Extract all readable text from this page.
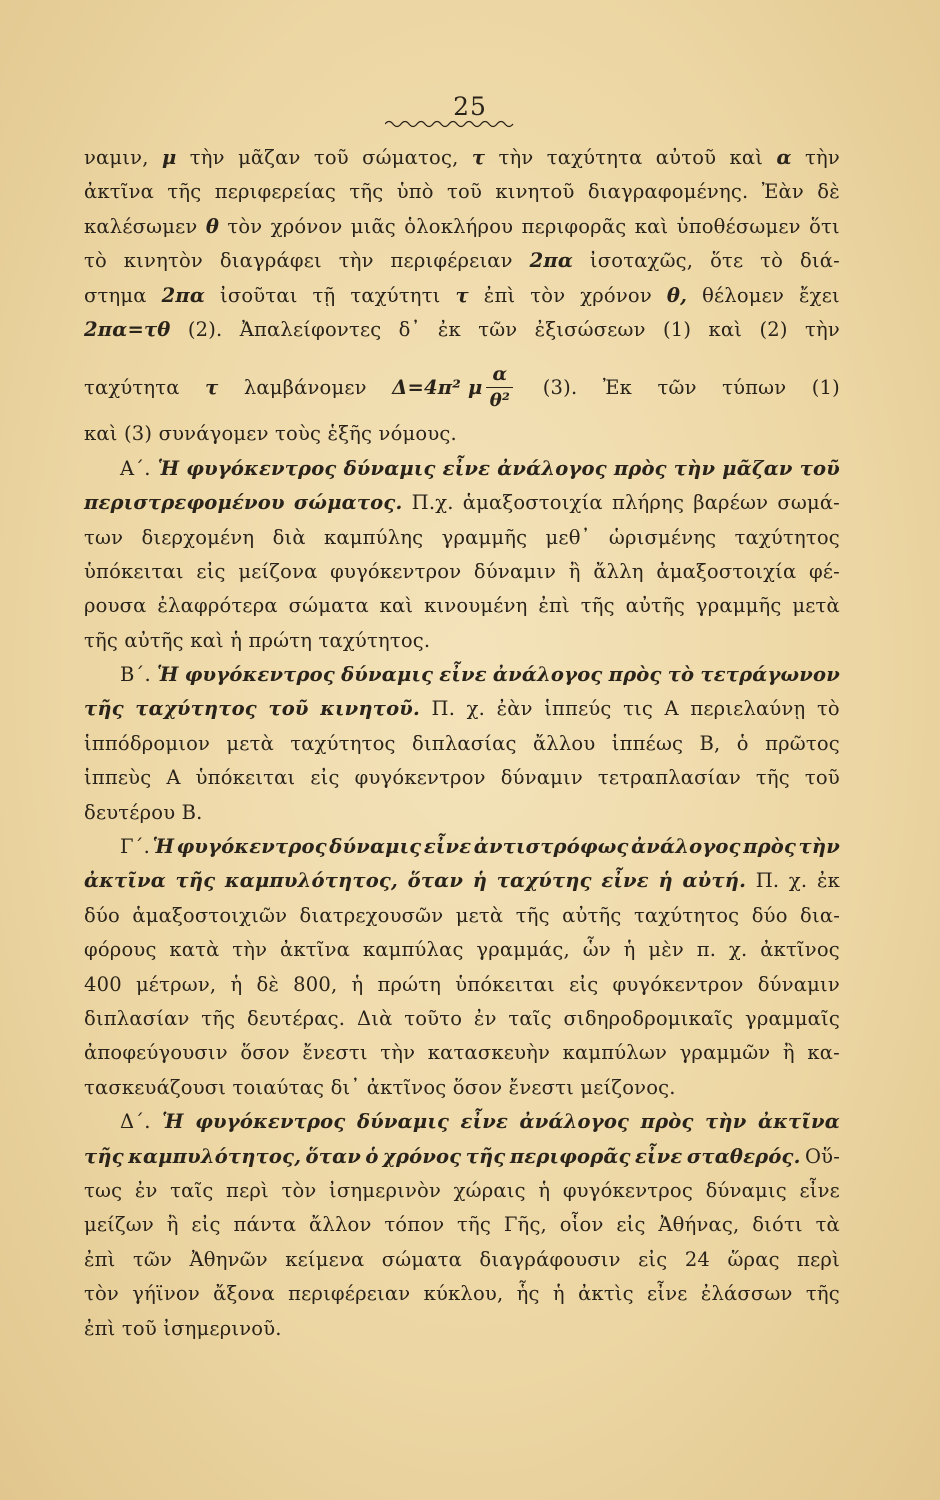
25
ναμιν, μ τὴν μᾶζαν τοῦ σώματος, τ τὴν ταχύτητα αὐτοῦ καὶ α τὴν
ἀκτῖνα τῆς περιφερείας τῆς ὑπὸ τοῦ κινητοῦ διαγραφομένης. Ἐὰν δὲ
καλέσωμεν θ τὸν χρόνον μιᾶς ὁλοκλήρου περιφορᾶς καὶ ὑποθέσωμεν ὅτι
τὸ κινητὸν διαγράφει τὴν περιφέρειαν 2πα ἰσοταχῶς, ὅτε τὸ διά-
στημα 2πα ἰσοῦται τῇ ταχύτητι τ ἐπὶ τὸν χρόνον θ, θέλομεν ἔχει
2πα=τθ (2). Ἀπαλείφοντες δ᾽ ἐκ τῶν ἐξισώσεων (1) καὶ (2) τὴν
ταχύτητα τ λαμβάνομεν Δ=4π² μ $\frac{\alpha}{\text{θ²}} (3)$. Ἐκ τῶν τύπων (1)
καὶ (3) συνάγομεν τοὺς ἑξῆς νόμους.
Α΄. Ἡ φυγόκεντρος δύναμις εἶνε ἀνάλογος πρὸς τὴν μᾶζαν τοῦ
περιστρεφομένου σώματος. Π.χ. ἁμαξοστοιχία πλήρης βαρέων σωμά-
των διερχομένη διὰ καμπύλης γραμμῆς μεθ᾽ ὡρισμένης ταχύτητος
ὑπόκειται εἰς μείζονα φυγόκεντρον δύναμιν ἢ ἄλλη ἁμαξοστοιχία φέ-
ρουσα ἐλαφρότερα σώματα καὶ κινουμένη ἐπὶ τῆς αὐτῆς γραμμῆς μετὰ
τῆς αὐτῆς καὶ ἡ πρώτη ταχύτητος.
Β΄. Ἡ φυγόκεντρος δύναμις εἶνε ἀνάλογος πρὸς τὸ τετράγωνον
τῆς ταχύτητος τοῦ κινητοῦ. Π. χ. ἐὰν ἱππεύς τις Α περιελαύνῃ τὸ
ἱππόδρομιον μετὰ ταχύτητος διπλασίας ἄλλου ἱππέως Β, ὁ πρῶτος
ἱππεὺς Α ὑπόκειται εἰς φυγόκεντρον δύναμιν τετραπλασίαν τῆς τοῦ
δευτέρου Β.
Γ΄. Ἡ φυγόκεντρος δύναμις εἶνε ἀντιστρόφως ἀνάλογος πρὸς τὴν
ἀκτῖνα τῆς καμπυλότητος, ὅταν ἡ ταχύτης εἶνε ἡ αὐτή. Π. χ. ἐκ
δύο ἁμαξοστοιχιῶν διατρεχουσῶν μετὰ τῆς αὐτῆς ταχύτητος δύο δια-
φόρους κατὰ τὴν ἀκτῖνα καμπύλας γραμμάς, ὧν ἡ μὲν π. χ. ἀκτῖνος
400 μέτρων, ἡ δὲ 800, ἡ πρώτη ὑπόκειται εἰς φυγόκεντρον δύναμιν
διπλασίαν τῆς δευτέρας. Διὰ τοῦτο ἐν ταῖς σιδηροδρομικαῖς γραμμαῖς
ἀποφεύγουσιν ὅσον ἔνεστι τὴν κατασκευὴν καμπύλων γραμμῶν ἢ κα-
τασκευάζουσι τοιαύτας δι᾽ ἀκτῖνος ὅσον ἔνεστι μείζονος.
Δ΄. Ἡ φυγόκεντρος δύναμις εἶνε ἀνάλογος πρὸς τὴν ἀκτῖνα
τῆς καμπυλότητος, ὅταν ὁ χρόνος τῆς περιφορᾶς εἶνε σταθερός. Οὕ-
τως ἐν ταῖς περὶ τὸν ἰσημερινὸν χώραις ἡ φυγόκεντρος δύναμις εἶνε
μείζων ἢ εἰς πάντα ἄλλον τόπον τῆς Γῆς, οἷον εἰς Ἀθήνας, διότι τὰ
ἐπὶ τῶν Ἀθηνῶν κείμενα σώματα διαγράφουσιν εἰς 24 ὥρας περὶ
τὸν γήϊνον ἄξονα περιφέρειαν κύκλου, ἧς ἡ ἀκτὶς εἶνε ἐλάσσων τῆς
ἐπὶ τοῦ ἰσημερινοῦ.
